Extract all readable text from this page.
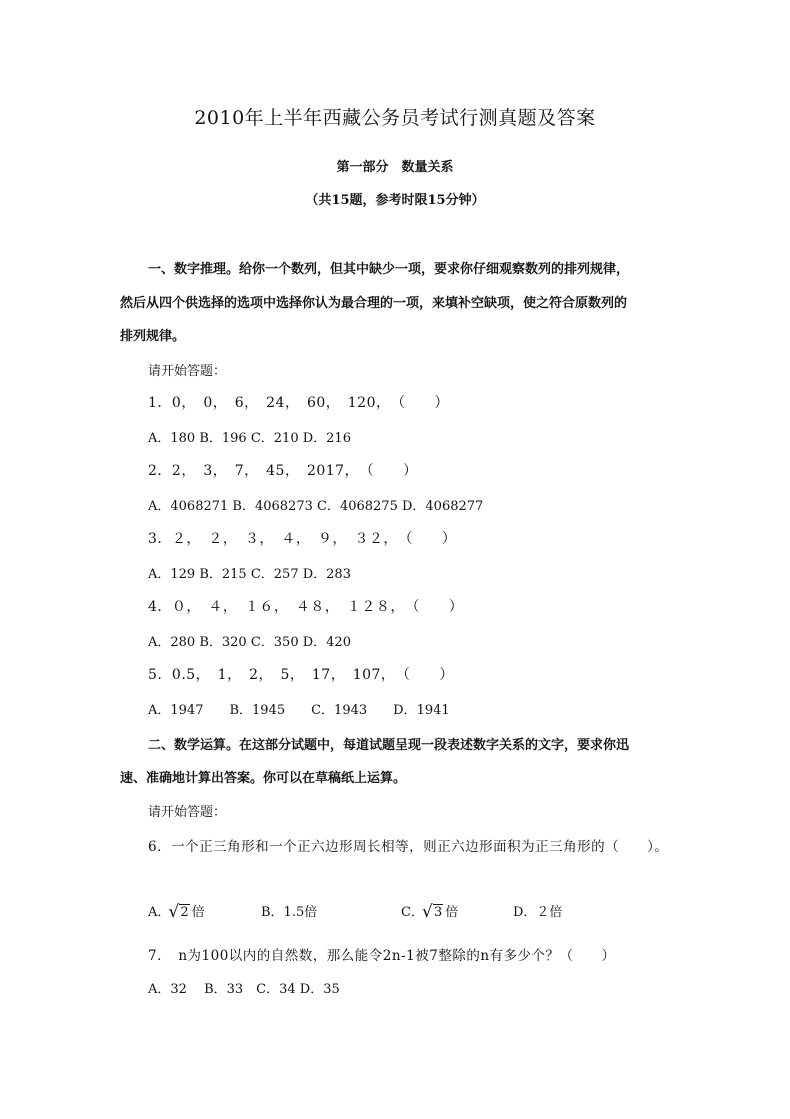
2010年上半年西藏公务员考试行测真题及答案
第一部分　数量关系
（共15题，参考时限15分钟）
一、数字推理。给你一个数列，但其中缺少一项，要求你仔细观察数列的排列规律，
然后从四个供选择的选项中选择你认为最合理的一项，来填补空缺项，使之符合原数列的
排列规律。
请开始答题：
1．0，　0，　6，　24，　60，　120，　（　　）
A．180 B．196 C．210 D．216
2．2，　3，　7，　45，　2017，　（　　）
A．4068271 B．4068273 C．4068275 D．4068277
3．２，　２，　３，　４，　９，　３２，　（　　）
A．129 B．215 C．257 D．283
4．０，　４，　１６，　４８，　１２８，　（　　）
A．280 B．320 C．350 D．420
5．0.5，　1，　2，　5，　17，　107，　（　　）
A．1947　　B．1945　　C．1943　　D．1941
二、数学运算。在这部分试题中，每道试题呈现一段表述数字关系的文字，要求你迅
速、准确地计算出答案。你可以在草稿纸上运算。
请开始答题：
6．一个正三角形和一个正六边形周长相等，则正六边形面积为正三角形的（　　）。
A． √ 2 倍	B．1.5倍	C． √ 3 倍	D．２倍
7．　n为100以内的自然数，那么能令2n-1被7整除的n有多少个？（　　）
A．32　 B．33　C．34 D．35
